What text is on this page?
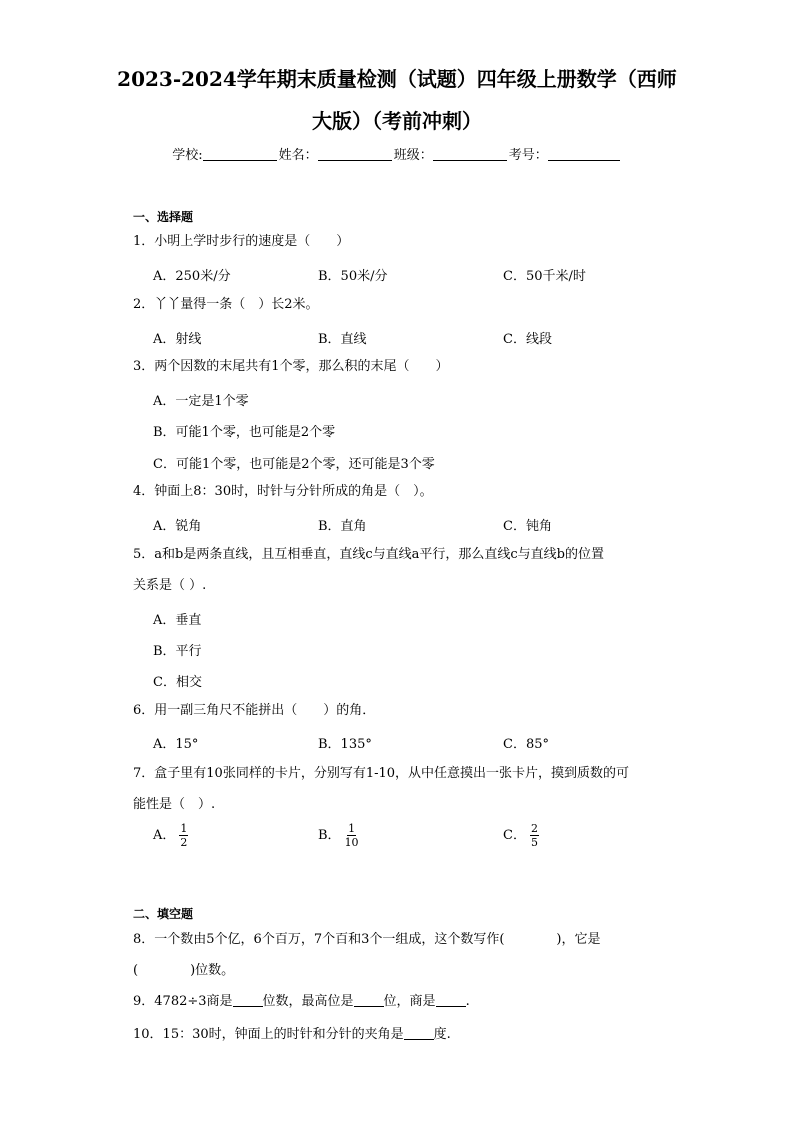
2023-2024学年期末质量检测（试题）四年级上册数学（西师大版）（考前冲刺）
学校:	姓名：	班级：	考号：
一、选择题
1．小明上学时步行的速度是（　　）
A．250米/分	B．50米/分	C．50千米/时
2．丫丫量得一条（　）长2米。
A．射线	B．直线	C．线段
3．两个因数的末尾共有1个零，那么积的末尾（　　）
A．一定是1个零
B．可能1个零，也可能是2个零
C．可能1个零，也可能是2个零，还可能是3个零
4．钟面上8：30时，时针与分针所成的角是（　）。
A．锐角	B．直角	C．钝角
5．a和b是两条直线，且互相垂直，直线c与直线a平行，那么直线c与直线b的位置
关系是（ ）.
A．垂直
B．平行
C．相交
6．用一副三角尺不能拼出（　　）的角．
A．15°	B．135°	C．85°
7．盒子里有10张同样的卡片，分别写有1-10，从中任意摸出一张卡片，摸到质数的可
能性是（　）.
A． $\frac{1}{2}$	B． $\frac{1}{10}$	C． $\frac{2}{5}$
二、填空题
8．一个数由5个亿，6个百万，7个百和3个一组成，这个数写作(　　　　)，它是
(　　　　)位数。
9．4782÷3商是 位数，最高位是 位，商是 .
10．15：30时，钟面上的时针和分针的夹角是 度.
